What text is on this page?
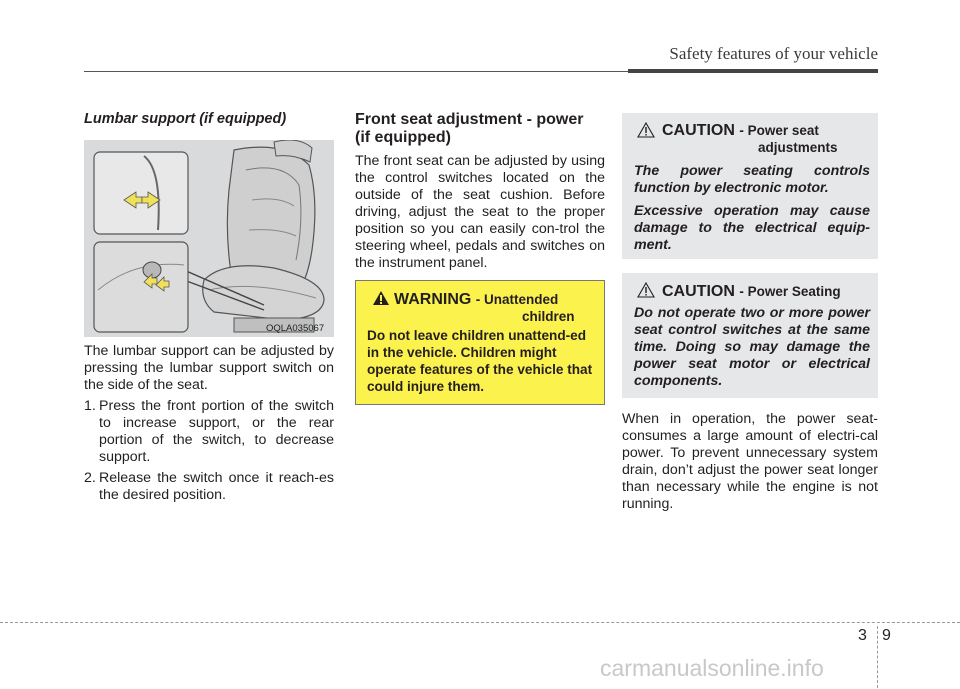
Safety features of your vehicle
Lumbar support (if equipped)
OQLA035067

The lumbar support can be adjusted by pressing the lumbar support switch on the side of the seat.

1. Press the front portion of the switch to increase support, or the rear portion of the switch, to decrease support.
2. Release the switch once it reach-es the desired position.
Front seat adjustment - power
(if equipped)

The front seat can be adjusted by using the control switches located on the outside of the seat cushion. Before driving, adjust the seat to the proper position so you can easily con-trol the steering wheel, pedals and switches on the instrument panel.

WARNING - Unattended
children
Do not leave children unattend-ed in the vehicle. Children might operate features of the vehicle that could injure them.
CAUTION - Power seat
adjustments

The power seating controls function by electronic motor.

Excessive operation may cause damage to the electrical equip-ment.

CAUTION - Power Seating

Do not operate two or more power seat control switches at the same time. Doing so may damage the power seat motor or electrical components.

When in operation, the power seat-consumes a large amount of electri-cal power. To prevent unnecessary system drain, don’t adjust the power seat longer than necessary while the engine is not running.

3 9
carmanualsonline.info
